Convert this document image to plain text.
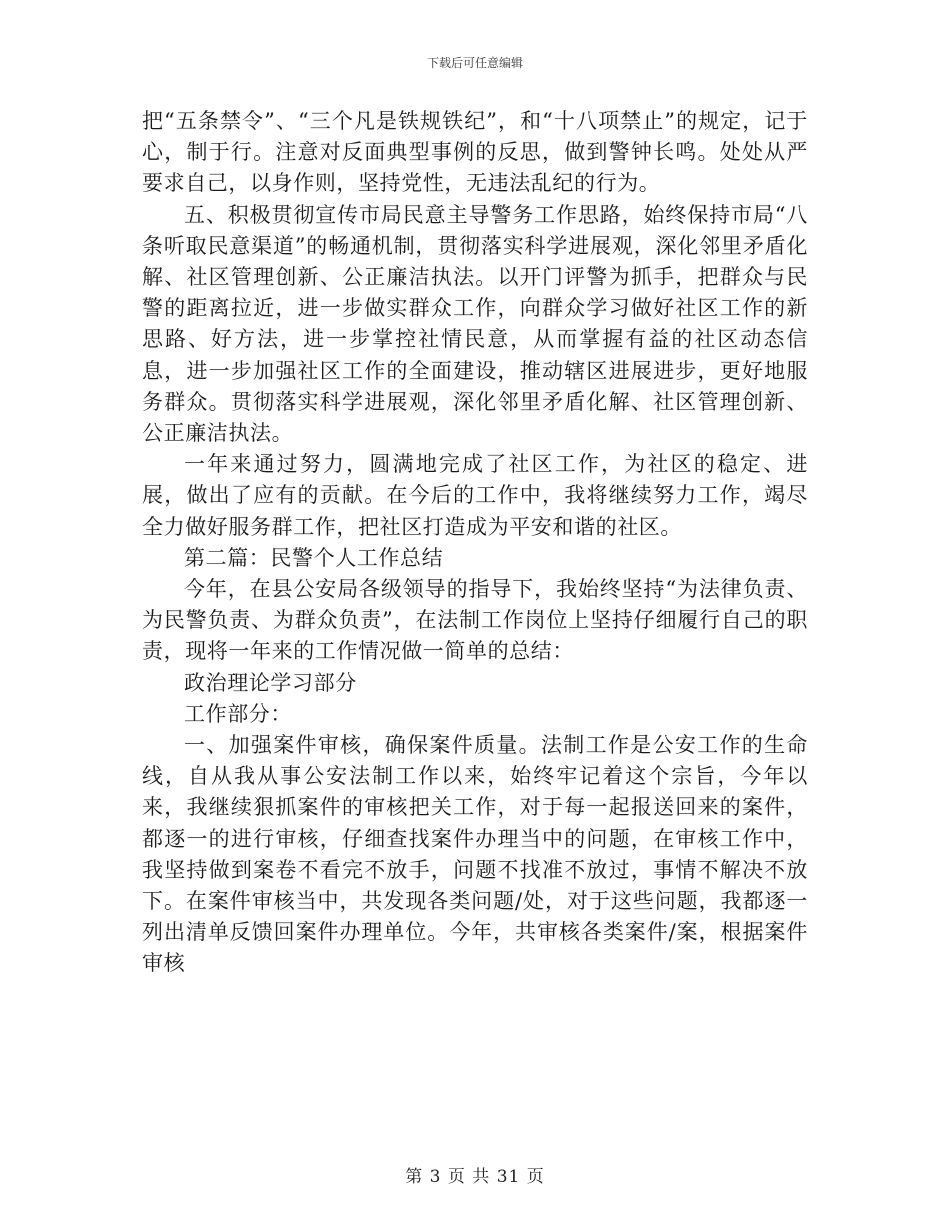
下载后可任意编辑

把“五条禁令”、“三个凡是铁规铁纪”，和“十八项禁止”的规定，记于心，制于行。注意对反面典型事例的反思，做到警钟长鸣。处处从严要求自己，以身作则，坚持党性，无违法乱纪的行为。

五、积极贯彻宣传市局民意主导警务工作思路，始终保持市局“八条听取民意渠道”的畅通机制，贯彻落实科学进展观，深化邻里矛盾化解、社区管理创新、公正廉洁执法。以开门评警为抓手，把群众与民警的距离拉近，进一步做实群众工作，向群众学习做好社区工作的新思路、好方法，进一步掌控社情民意，从而掌握有益的社区动态信息，进一步加强社区工作的全面建设，推动辖区进展进步，更好地服务群众。贯彻落实科学进展观，深化邻里矛盾化解、社区管理创新、公正廉洁执法。

一年来通过努力，圆满地完成了社区工作，为社区的稳定、进展，做出了应有的贡献。在今后的工作中，我将继续努力工作，竭尽全力做好服务群工作，把社区打造成为平安和谐的社区。

第二篇：民警个人工作总结

今年，在县公安局各级领导的指导下，我始终坚持“为法律负责、为民警负责、为群众负责”，在法制工作岗位上坚持仔细履行自己的职责，现将一年来的工作情况做一简单的总结：

政治理论学习部分

工作部分：

一、加强案件审核，确保案件质量。法制工作是公安工作的生命线，自从我从事公安法制工作以来，始终牢记着这个宗旨，今年以来，我继续狠抓案件的审核把关工作，对于每一起报送回来的案件，都逐一的进行审核，仔细查找案件办理当中的问题，在审核工作中，我坚持做到案卷不看完不放手，问题不找准不放过，事情不解决不放下。在案件审核当中，共发现各类问题/处，对于这些问题，我都逐一列出清单反馈回案件办理单位。今年，共审核各类案件/案，根据案件审核

第 3 页 共 31 页
